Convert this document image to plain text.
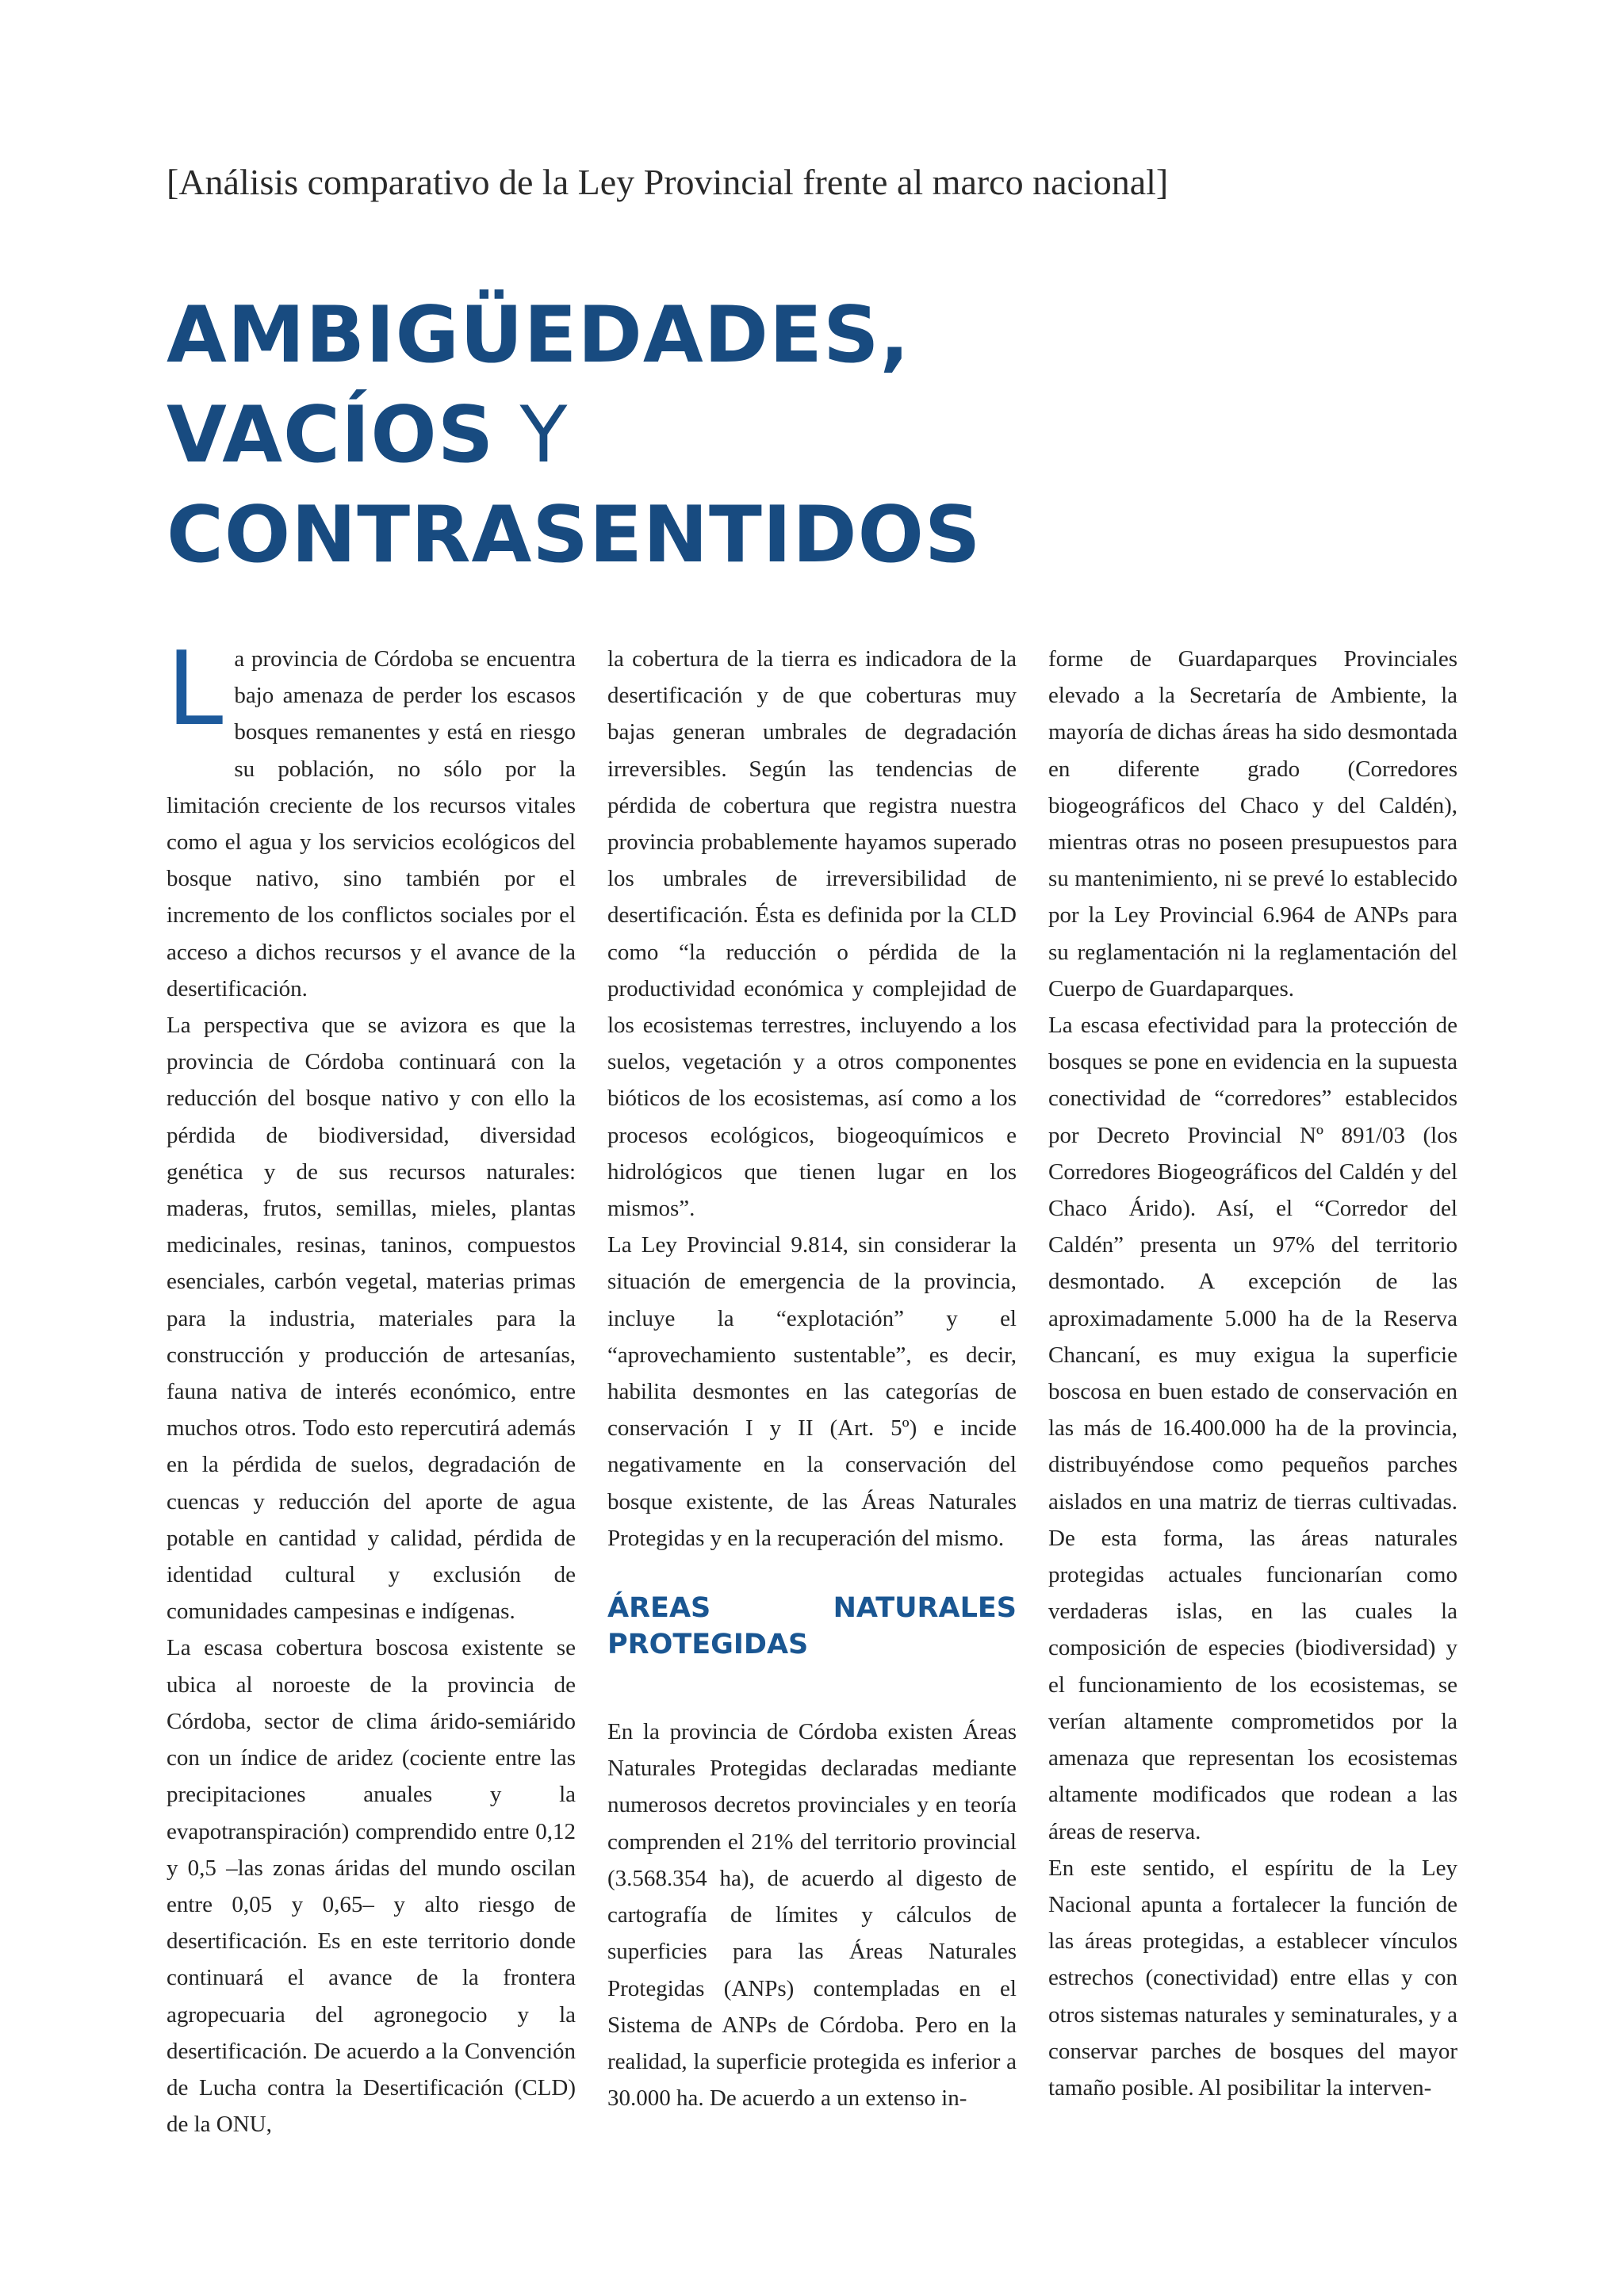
[Análisis comparativo de la Ley Provincial frente al marco nacional]
AMBIGÜEDADES,
VACÍOS Y
CONTRASENTIDOS

La provincia de Córdoba se encuentra bajo amenaza de perder los escasos bosques remanentes y está en riesgo su población, no sólo por la limitación creciente de los recursos vitales como el agua y los servicios ecológicos del bosque nativo, sino también por el incremento de los conflictos sociales por el acceso a dichos recursos y el avance de la desertificación.

La perspectiva que se avizora es que la provincia de Córdoba continuará con la reducción del bosque nativo y con ello la pérdida de biodiversidad, diversidad genética y de sus recursos naturales: maderas, frutos, semillas, mieles, plantas medicinales, resinas, taninos, compuestos esenciales, carbón vegetal, materias primas para la industria, materiales para la construcción y producción de artesanías, fauna nativa de interés económico, entre muchos otros. Todo esto repercutirá además en la pérdida de suelos, degradación de cuencas y reducción del aporte de agua potable en cantidad y calidad, pérdida de identidad cultural y exclusión de comunidades campesinas e indígenas.

La escasa cobertura boscosa existente se ubica al noroeste de la provincia de Córdoba, sector de clima árido-semiárido con un índice de aridez (cociente entre las precipitaciones anuales y la evapotranspiración) comprendido entre 0,12 y 0,5 –las zonas áridas del mundo oscilan entre 0,05 y 0,65– y alto riesgo de desertificación. Es en este territorio donde continuará el avance de la frontera agropecuaria del agronegocio y la desertificación. De acuerdo a la Convención de Lucha contra la Desertificación (CLD) de la ONU,

la cobertura de la tierra es indicadora de la desertificación y de que coberturas muy bajas generan umbrales de degradación irreversibles. Según las tendencias de pérdida de cobertura que registra nuestra provincia probablemente hayamos superado los umbrales de irreversibilidad de desertificación. Ésta es definida por la CLD como “la reducción o pérdida de la productividad económica y complejidad de los ecosistemas terrestres, incluyendo a los suelos, vegetación y a otros componentes bióticos de los ecosistemas, así como a los procesos ecológicos, biogeoquímicos e hidrológicos que tienen lugar en los mismos”.

La Ley Provincial 9.814, sin considerar la situación de emergencia de la provincia, incluye la “explotación” y el “aprovechamiento sustentable”, es decir, habilita desmontes en las categorías de conservación I y II (Art. 5º) e incide negativamente en la conservación del bosque existente, de las Áreas Naturales Protegidas y en la recuperación del mismo.

ÁREAS NATURALES PROTEGIDAS

En la provincia de Córdoba existen Áreas Naturales Protegidas declaradas mediante numerosos decretos provinciales y en teoría comprenden el 21% del territorio provincial (3.568.354 ha), de acuerdo al digesto de cartografía de límites y cálculos de superficies para las Áreas Naturales Protegidas (ANPs) contempladas en el Sistema de ANPs de Córdoba. Pero en la realidad, la superficie protegida es inferior a 30.000 ha. De acuerdo a un extenso in-

forme de Guardaparques Provinciales elevado a la Secretaría de Ambiente, la mayoría de dichas áreas ha sido desmontada en diferente grado (Corredores biogeográficos del Chaco y del Caldén), mientras otras no poseen presupuestos para su mantenimiento, ni se prevé lo establecido por la Ley Provincial 6.964 de ANPs para su reglamentación ni la reglamentación del Cuerpo de Guardaparques.

La escasa efectividad para la protección de bosques se pone en evidencia en la supuesta conectividad de “corredores” establecidos por Decreto Provincial Nº 891/03 (los Corredores Biogeográficos del Caldén y del Chaco Árido). Así, el “Corredor del Caldén” presenta un 97% del territorio desmontado. A excepción de las aproximadamente 5.000 ha de la Reserva Chancaní, es muy exigua la superficie boscosa en buen estado de conservación en las más de 16.400.000 ha de la provincia, distribuyéndose como pequeños parches aislados en una matriz de tierras cultivadas. De esta forma, las áreas naturales protegidas actuales funcionarían como verdaderas islas, en las cuales la composición de especies (biodiversidad) y el funcionamiento de los ecosistemas, se verían altamente comprometidos por la amenaza que representan los ecosistemas altamente modificados que rodean a las áreas de reserva.

En este sentido, el espíritu de la Ley Nacional apunta a fortalecer la función de las áreas protegidas, a establecer vínculos estrechos (conectividad) entre ellas y con otros sistemas naturales y seminaturales, y a conservar parches de bosques del mayor tamaño posible. Al posibilitar la interven-
